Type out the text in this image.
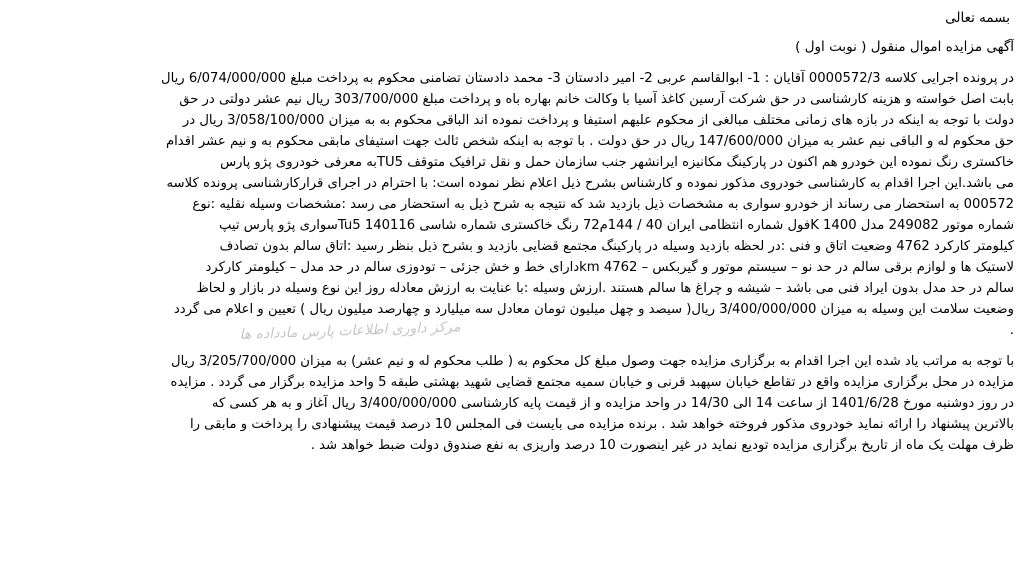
بسمه تعالی
آگهی مزایده اموال منقول ( نوبت اول )
در پرونده اجرایی کلاسه 0000572/3 آقایان : 1- ابوالقاسم عربی 2- امیر دادستان 3- محمد دادستان تضامنی محکوم به پرداخت مبلغ 6/074/000/000 ریال
بابت اصل خواسته و هزینه کارشناسی در حق شرکت آرسین کاغذ آسیا با وکالت خانم بهاره باه و پرداخت مبلغ 303/700/000 ریال نیم عشر دولتی در حق
دولت با توجه به اینکه در بازه های زمانی مختلف مبالغی از محکوم علیهم استیفا و پرداخت نموده اند الباقی محکوم به به میزان 3/058/100/000 ریال در
حق محکوم له و الباقی نیم عشر به میزان 147/600/000 ریال در حق دولت . با توجه به اینکه شخص ثالث جهت استیفای مابقی محکوم به و نیم عشر اقدام
خاکستری رنگ نموده این خودرو هم اکنون در پارکینگ مکانیزه ایرانشهر جنب سازمان حمل و نقل ترافیک متوقف TU5به معرفی خودروی پژو پارس
می باشد.این اجرا اقدام به کارشناسی خودروی مذکور نموده و کارشناس بشرح ذیل اعلام نظر نموده است: با احترام در اجرای قرارکارشناسی پرونده کلاسه
000572 به استحضار می رساند از خودرو سواری به مشخصات ذیل بازدید شد که نتیجه به شرح ذیل به استحضار می رسد :مشخصات وسیله نقلیه :نوع
شماره موتور 249082 مدل 1400 Kفول شماره انتظامی ایران 40 / 144م72 رنگ خاکستری شماره شاسی 140116 Tu5سواری پژو پارس تیپ
کیلومتر کارکرد 4762 وضعیت اتاق و فنی :در لحظه بازدید وسیله در پارکینگ مجتمع قضایی بازدید و بشرح ذیل بنظر رسید :اتاق سالم بدون تصادف
لاستیک ها و لوازم برقی سالم در حد نو – سیستم موتور و گیربکس – 4762 kmدارای خط و خش جزئی – تودوزی سالم در حد مدل – کیلومتر کارکرد
سالم در حد مدل بدون ایراد فنی می باشد – شیشه و چراغ ها سالم هستند .ارزش وسیله :با عنایت به ارزش معادله روز این نوع وسیله در بازار و لحاظ
وضعیت سلامت این وسیله به میزان 3/400/000/000 ریال( سیصد و چهل میلیون تومان معادل سه میلیارد و چهارصد میلیون ریال ) تعیین و اعلام می گردد
.
با توجه به مراتب یاد شده این اجرا اقدام به برگزاری مزایده جهت وصول مبلغ کل محکوم به ( طلب محکوم له و نیم عشر) به میزان 3/205/700/000 ریال
مزایده در محل برگزاری مزایده واقع در تقاطع خیابان سپهبد قرنی و خیابان سمیه مجتمع قضایی شهید بهشتی طبقه 5 واحد مزایده برگزار می گردد . مزایده
در روز دوشنبه مورخ 1401/6/28 از ساعت 14 الی 14/30 در واحد مزایده و از قیمت پایه کارشناسی 3/400/000/000 ریال آغاز و به هر کسی که
بالاترین پیشنهاد را ارائه نماید خودروی مذکور فروخته خواهد شد . برنده مزایده می بایست فی المجلس 10 درصد قیمت پیشنهادی را پرداخت و مابقی را
ظرف مهلت یک ماه از تاریخ برگزاری مزایده تودیع نماید در غیر اینصورت 10 درصد واریزی به نفع صندوق دولت ضبط خواهد شد .
مرکز داوری اطلاعات پارس مادداده ها
